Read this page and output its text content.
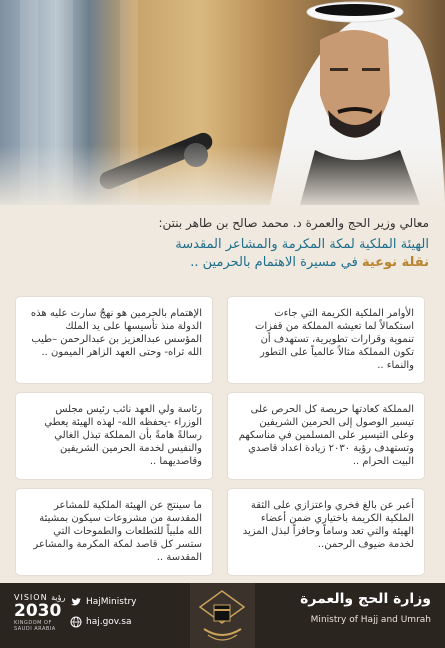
معالي وزير الحج والعمرة د. محمد صالح بن طاهر بنتن:

الهيئة الملكية لمكة المكرمة والمشاعر المقدسة

نقلة نوعية في مسيرة الاهتمام بالحرمين ..

الأوامر الملكية الكريمة التي جاءت استكمالاً لما تعيشه المملكة من قفزات تنموية وقرارات تطويرية، تستهدف أن تكون المملكة مثالاً عالمياً على التطور والنماء ..
الإهتمام بالحرمين هو نهجٌ سارت عليه هذه الدولة منذ تأسيسها على يد الملك المؤسس عبدالعزيز بن عبدالرحمن –طيب الله ثراه- وحتى العهد الزاهر الميمون ..
المملكة كعادتها حريصة كل الحرص على تيسير الوصول إلى الحرمين الشريفين وعلى التيسير على المسلمين في مناسكهم وتستهدف رؤية ٢٠٣٠ زيادة اعداد قاصدي البيت الحرام ..
رئاسة ولي العهد نائب رئيس مجلس الوزراء -يحفظه الله- لهذه الهيئة يعطي رسالةً هامةً بأن المملكة تبذل الغالي والنفيس لخدمة الحرمين الشريفين وقاصديهما ..
أعبر عن بالغ فخري واعتزازي على الثقة الملكية الكريمة باختياري ضمن أعضاء الهيئة والتي تعد وساماً وحافزاً لبذل المزيد لخدمة ضيوف الرحمن..
ما سينتج عن الهيئة الملكية للمشاعر المقدسة من مشروعات سيكون بمشيئة الله ملبياً للتطلعات والطموحات التي ستسر كل قاصد لمكة المكرمة والمشاعر المقدسة ..
VISION رؤية
2030
KINGDOM OF SAUDI ARABIA
HajMinistry
haj.gov.sa
وزارة الحج والعمرة
Ministry of Hajj and Umrah
